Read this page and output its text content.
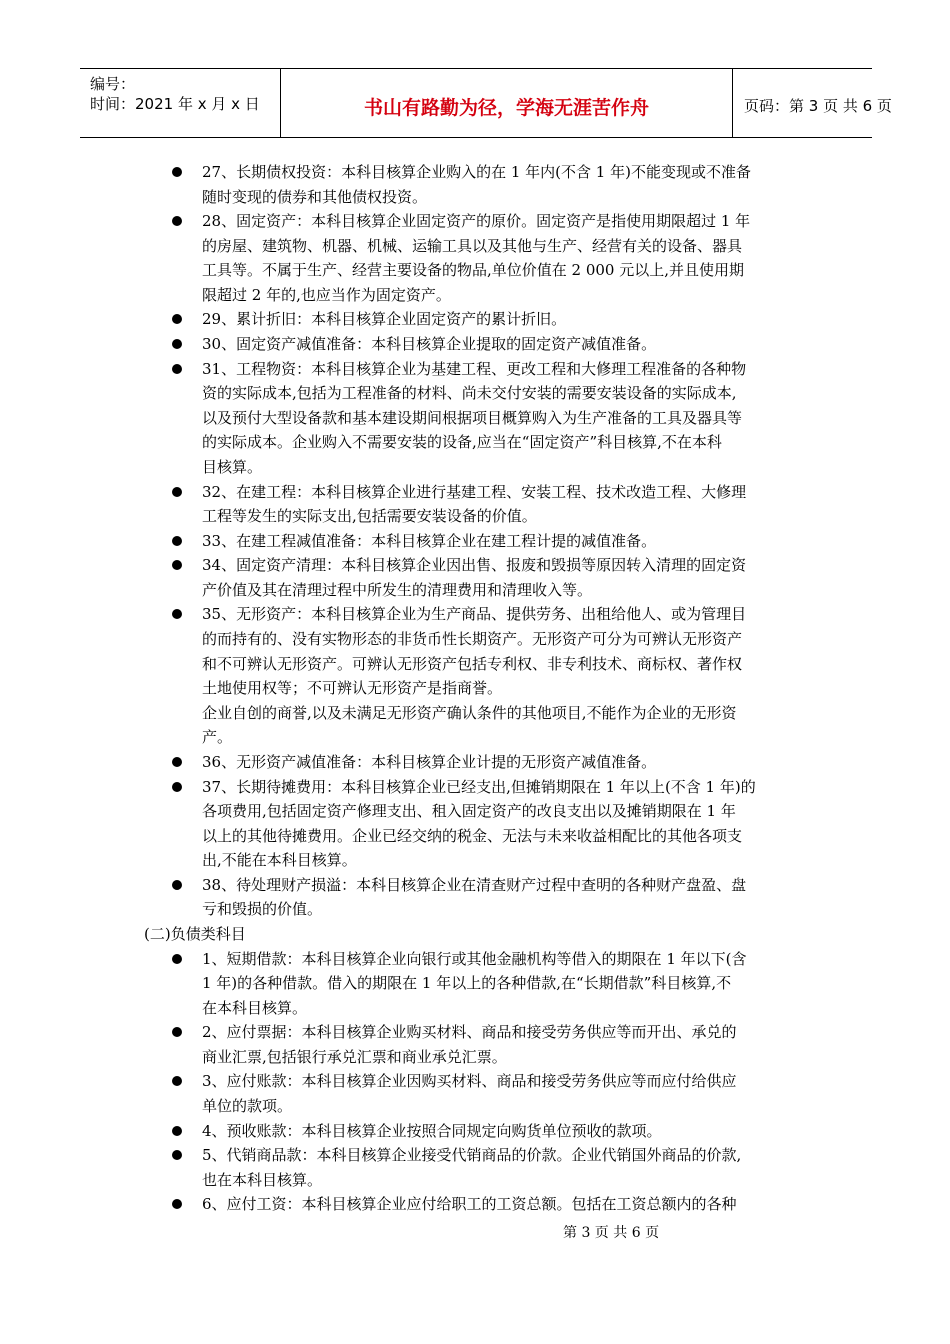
编号：
时间：2021 年 x 月 x 日	书山有路勤为径，学海无涯苦作舟	页码：第 3 页 共 6 页
27、长期债权投资：本科目核算企业购入的在 1 年内(不含 1 年)不能变现或不准备
随时变现的债券和其他债权投资。
28、固定资产：本科目核算企业固定资产的原价。固定资产是指使用期限超过 1 年
的房屋、建筑物、机器、机械、运输工具以及其他与生产、经营有关的设备、器具
工具等。不属于生产、经营主要设备的物品,单位价值在 2 000 元以上,并且使用期
限超过 2 年的,也应当作为固定资产。
29、累计折旧：本科目核算企业固定资产的累计折旧。
30、固定资产减值准备：本科目核算企业提取的固定资产减值准备。
31、工程物资：本科目核算企业为基建工程、更改工程和大修理工程准备的各种物
资的实际成本,包括为工程准备的材料、尚未交付安装的需要安装设备的实际成本,
以及预付大型设备款和基本建设期间根据项目概算购入为生产准备的工具及器具等
的实际成本。企业购入不需要安装的设备,应当在“固定资产”科目核算,不在本科
目核算。
32、在建工程：本科目核算企业进行基建工程、安装工程、技术改造工程、大修理
工程等发生的实际支出,包括需要安装设备的价值。
33、在建工程减值准备：本科目核算企业在建工程计提的减值准备。
34、固定资产清理：本科目核算企业因出售、报废和毁损等原因转入清理的固定资
产价值及其在清理过程中所发生的清理费用和清理收入等。
35、无形资产：本科目核算企业为生产商品、提供劳务、出租给他人、或为管理目
的而持有的、没有实物形态的非货币性长期资产。无形资产可分为可辨认无形资产
和不可辨认无形资产。可辨认无形资产包括专利权、非专利技术、商标权、著作权
土地使用权等；不可辨认无形资产是指商誉。
企业自创的商誉,以及未满足无形资产确认条件的其他项目,不能作为企业的无形资
产。
36、无形资产减值准备：本科目核算企业计提的无形资产减值准备。
37、长期待摊费用：本科目核算企业已经支出,但摊销期限在 1 年以上(不含 1 年)的
各项费用,包括固定资产修理支出、租入固定资产的改良支出以及摊销期限在 1 年
以上的其他待摊费用。企业已经交纳的税金、无法与未来收益相配比的其他各项支
出,不能在本科目核算。
38、待处理财产损溢：本科目核算企业在清查财产过程中查明的各种财产盘盈、盘
亏和毁损的价值。
(二)负债类科目
1、短期借款：本科目核算企业向银行或其他金融机构等借入的期限在 1 年以下(含
1 年)的各种借款。借入的期限在 1 年以上的各种借款,在“长期借款”科目核算,不
在本科目核算。
2、应付票据：本科目核算企业购买材料、商品和接受劳务供应等而开出、承兑的
商业汇票,包括银行承兑汇票和商业承兑汇票。
3、应付账款：本科目核算企业因购买材料、商品和接受劳务供应等而应付给供应
单位的款项。
4、预收账款：本科目核算企业按照合同规定向购货单位预收的款项。
5、代销商品款：本科目核算企业接受代销商品的价款。企业代销国外商品的价款,
也在本科目核算。
6、应付工资：本科目核算企业应付给职工的工资总额。包括在工资总额内的各种
第 3 页 共 6 页
